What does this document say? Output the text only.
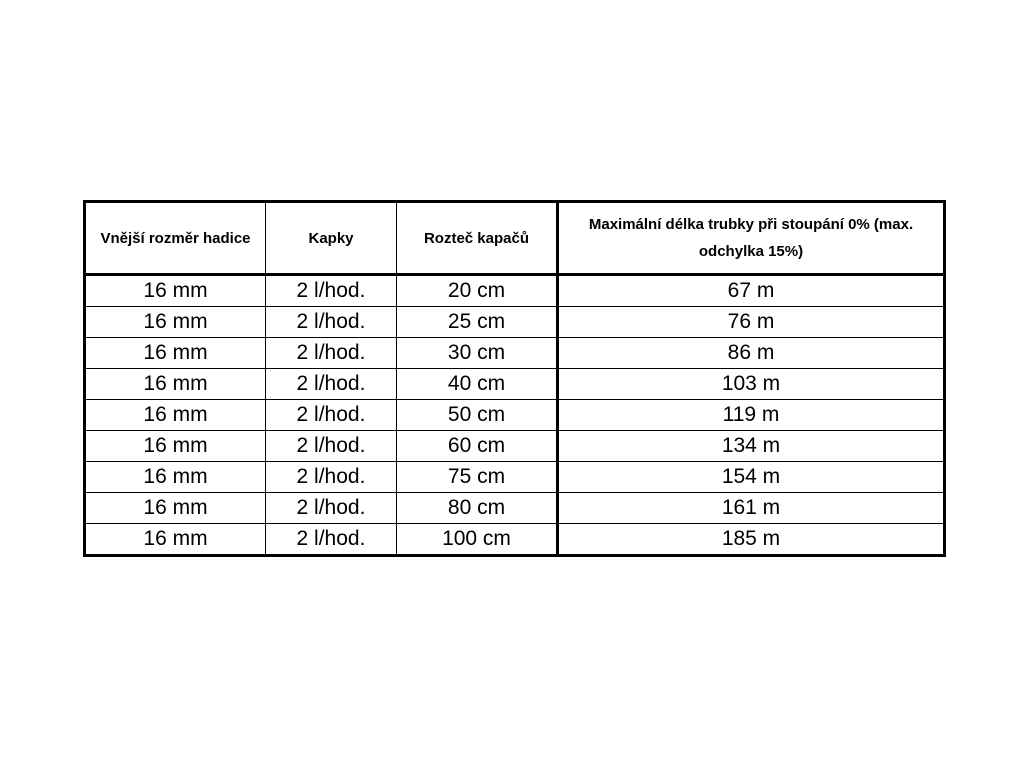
Vnější rozměr hadice	Kapky	Rozteč kapačů	Maximální délka trubky při stoupání 0% (max. odchylka 15%)
16 mm	2 l/hod.	20 cm	67 m
16 mm	2 l/hod.	25 cm	76 m
16 mm	2 l/hod.	30 cm	86 m
16 mm	2 l/hod.	40 cm	103 m
16 mm	2 l/hod.	50 cm	119 m
16 mm	2 l/hod.	60 cm	134 m
16 mm	2 l/hod.	75 cm	154 m
16 mm	2 l/hod.	80 cm	161 m
16 mm	2 l/hod.	100 cm	185 m
